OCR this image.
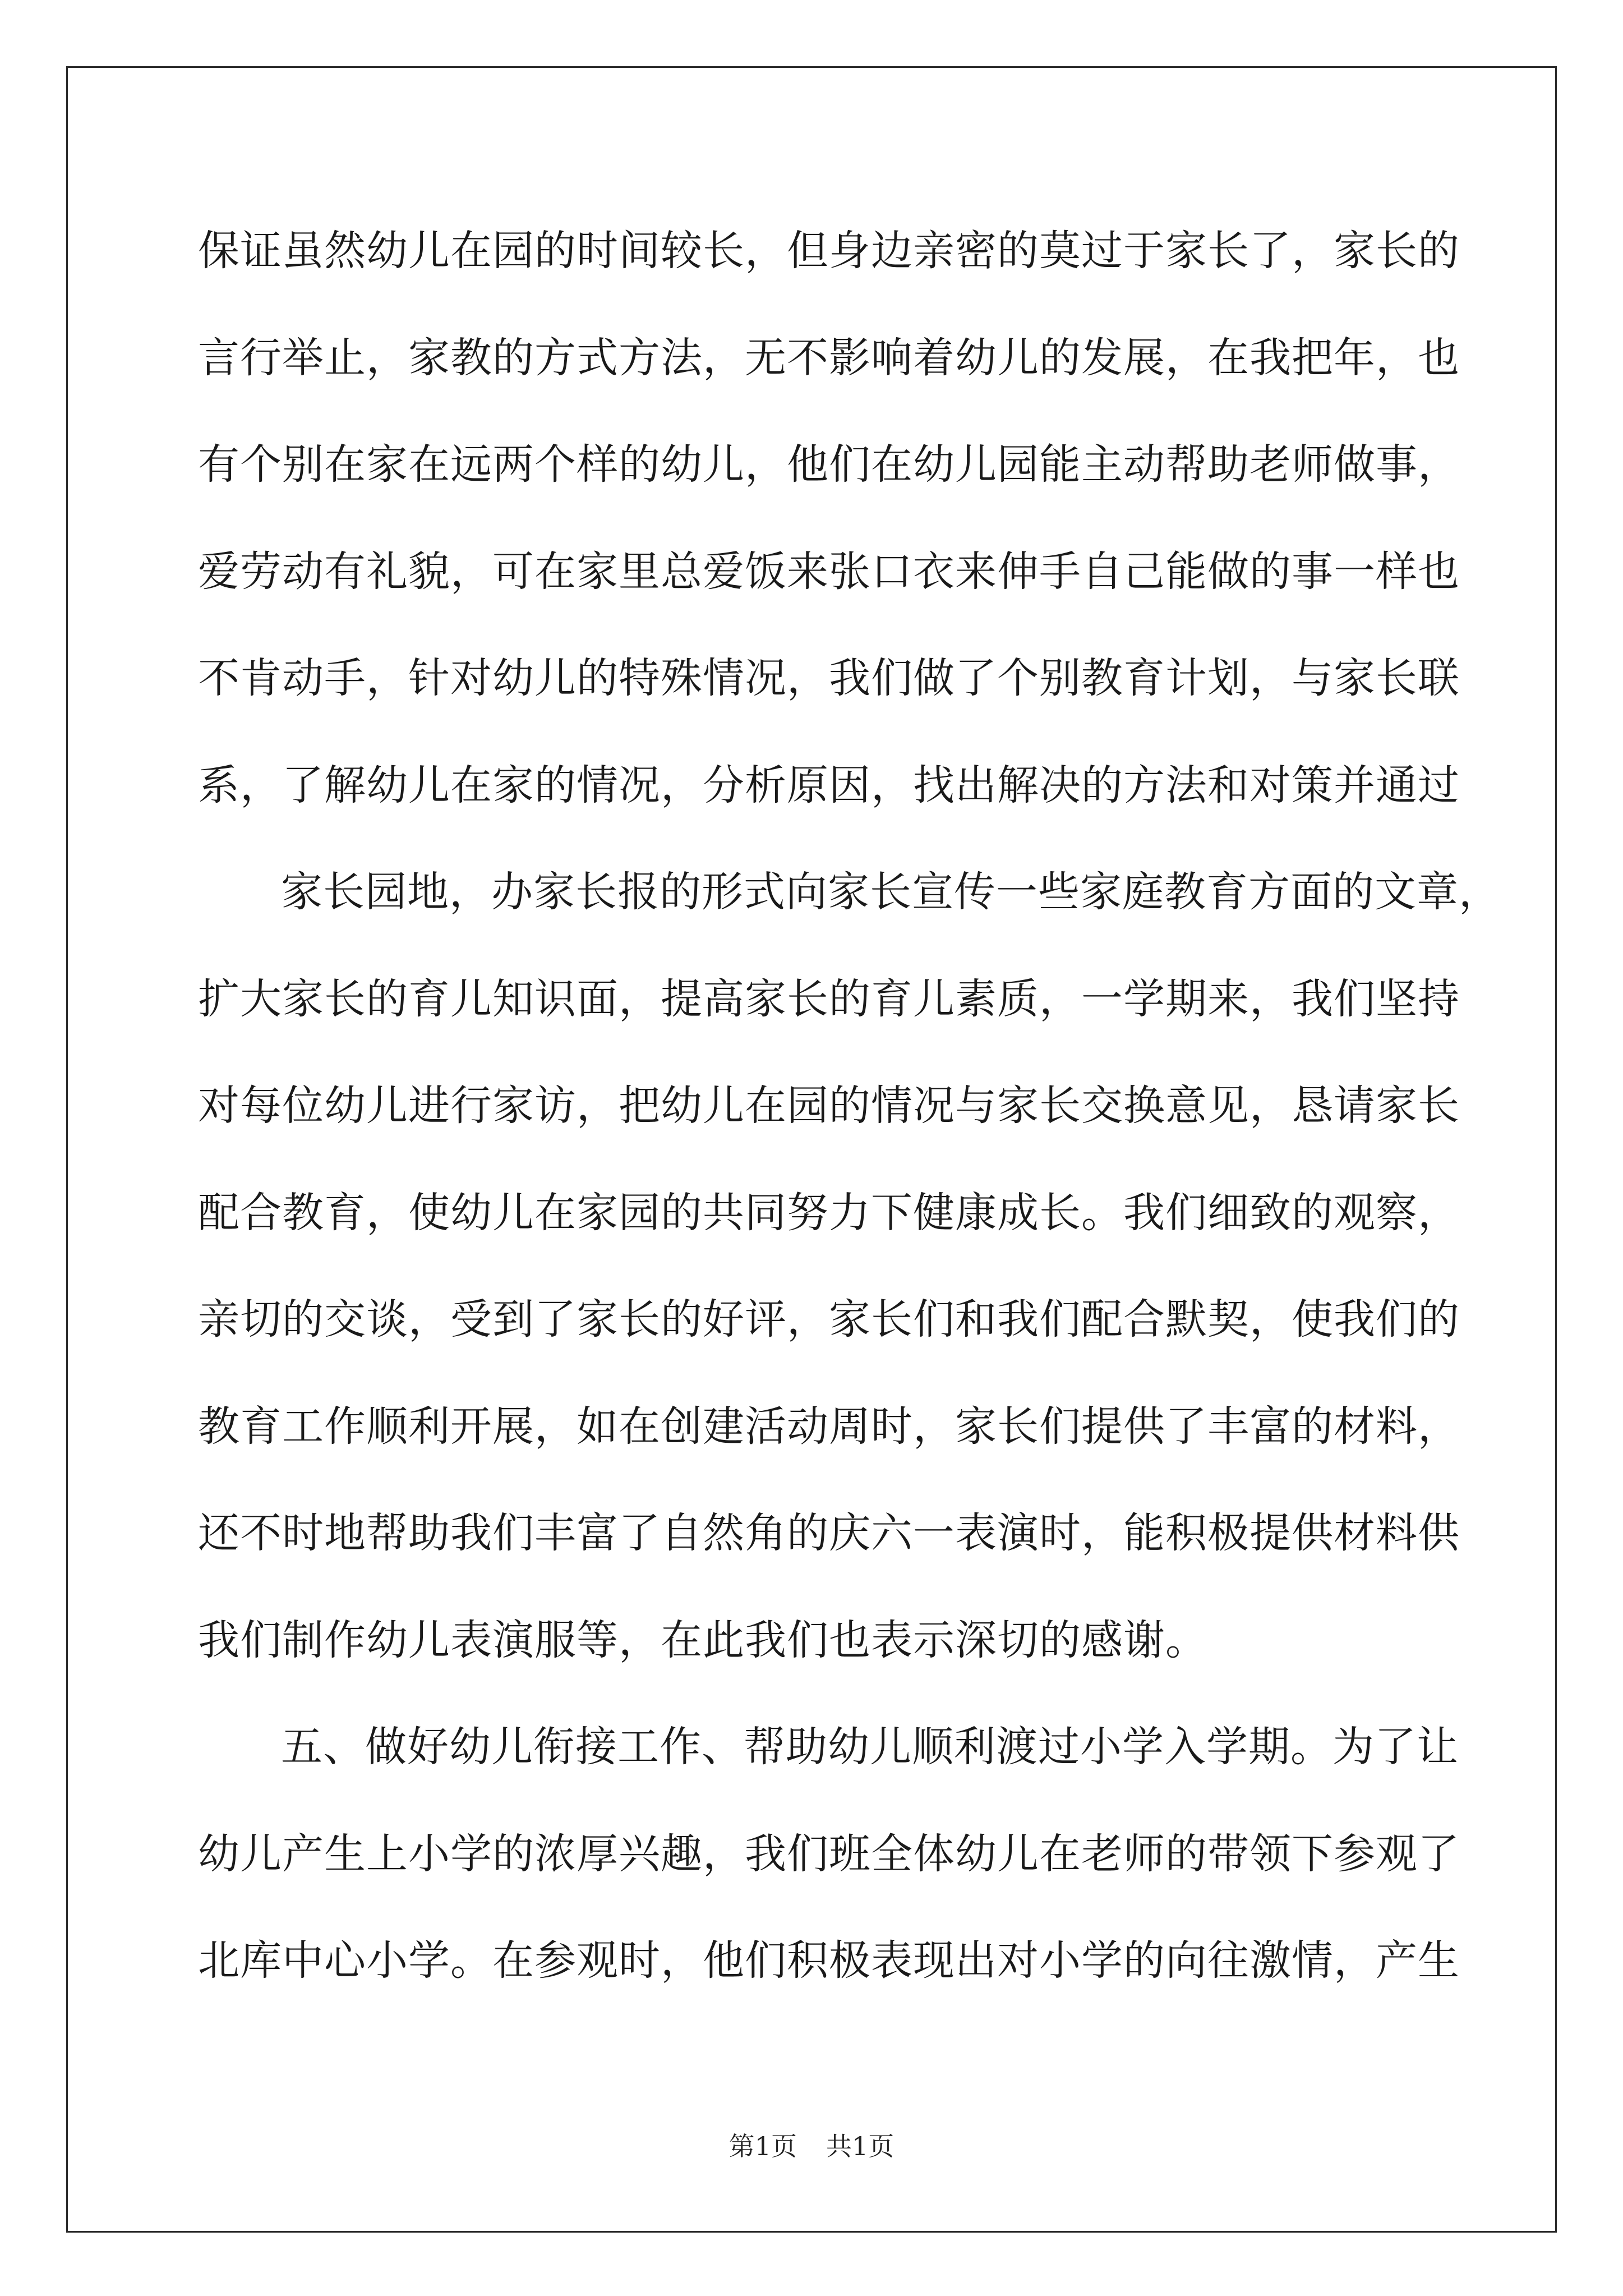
保证虽然幼儿在园的时间较长，但身边亲密的莫过于家长了，家长的
言行举止，家教的方式方法，无不影响着幼儿的发展，在我把年，也
有个别在家在远两个样的幼儿，他们在幼儿园能主动帮助老师做事，
爱劳动有礼貌，可在家里总爱饭来张口衣来伸手自己能做的事一样也
不肯动手，针对幼儿的特殊情况，我们做了个别教育计划，与家长联
系，了解幼儿在家的情况，分析原因，找出解决的方法和对策并通过
家长园地，办家长报的形式向家长宣传一些家庭教育方面的文章，
扩大家长的育儿知识面，提高家长的育儿素质，一学期来，我们坚持
对每位幼儿进行家访，把幼儿在园的情况与家长交换意见，恳请家长
配合教育，使幼儿在家园的共同努力下健康成长。我们细致的观察，
亲切的交谈，受到了家长的好评，家长们和我们配合默契，使我们的
教育工作顺利开展，如在创建活动周时，家长们提供了丰富的材料，
还不时地帮助我们丰富了自然角的庆六一表演时，能积极提供材料供
我们制作幼儿表演服等，在此我们也表示深切的感谢。
五、做好幼儿衔接工作、帮助幼儿顺利渡过小学入学期。为了让
幼儿产生上小学的浓厚兴趣，我们班全体幼儿在老师的带领下参观了
北库中心小学。在参观时，他们积极表现出对小学的向往激情，产生
第1页 共1页
